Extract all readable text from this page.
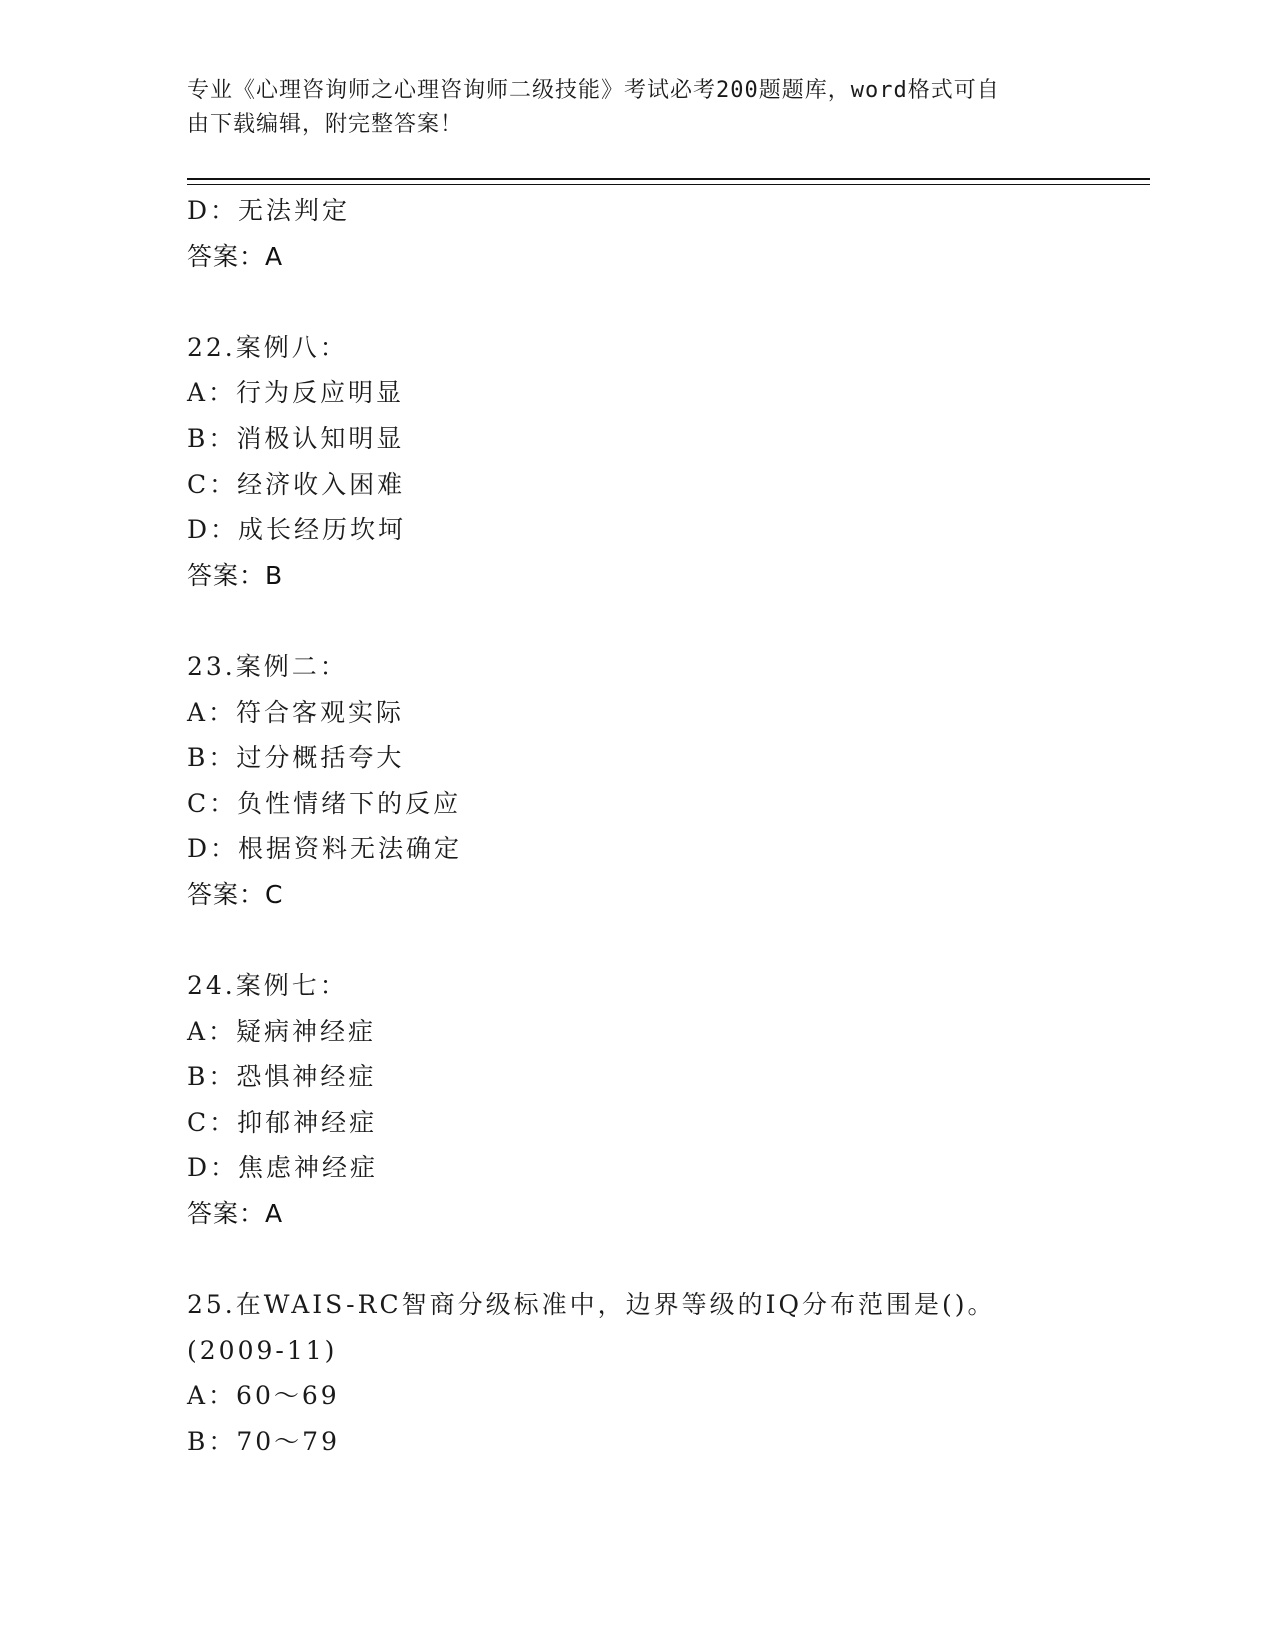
专业《心理咨询师之心理咨询师二级技能》考试必考200题题库，word格式可自
由下载编辑，附完整答案！
D：无法判定
答案：A
22.案例八：
A：行为反应明显
B：消极认知明显
C：经济收入困难
D：成长经历坎坷
答案：B
23.案例二：
A：符合客观实际
B：过分概括夸大
C：负性情绪下的反应
D：根据资料无法确定
答案：C
24.案例七：
A：疑病神经症
B：恐惧神经症
C：抑郁神经症
D：焦虑神经症
答案：A
25.在WAIS-RC智商分级标准中，边界等级的IQ分布范围是()。
(2009-11)
A：60～69
B：70～79
